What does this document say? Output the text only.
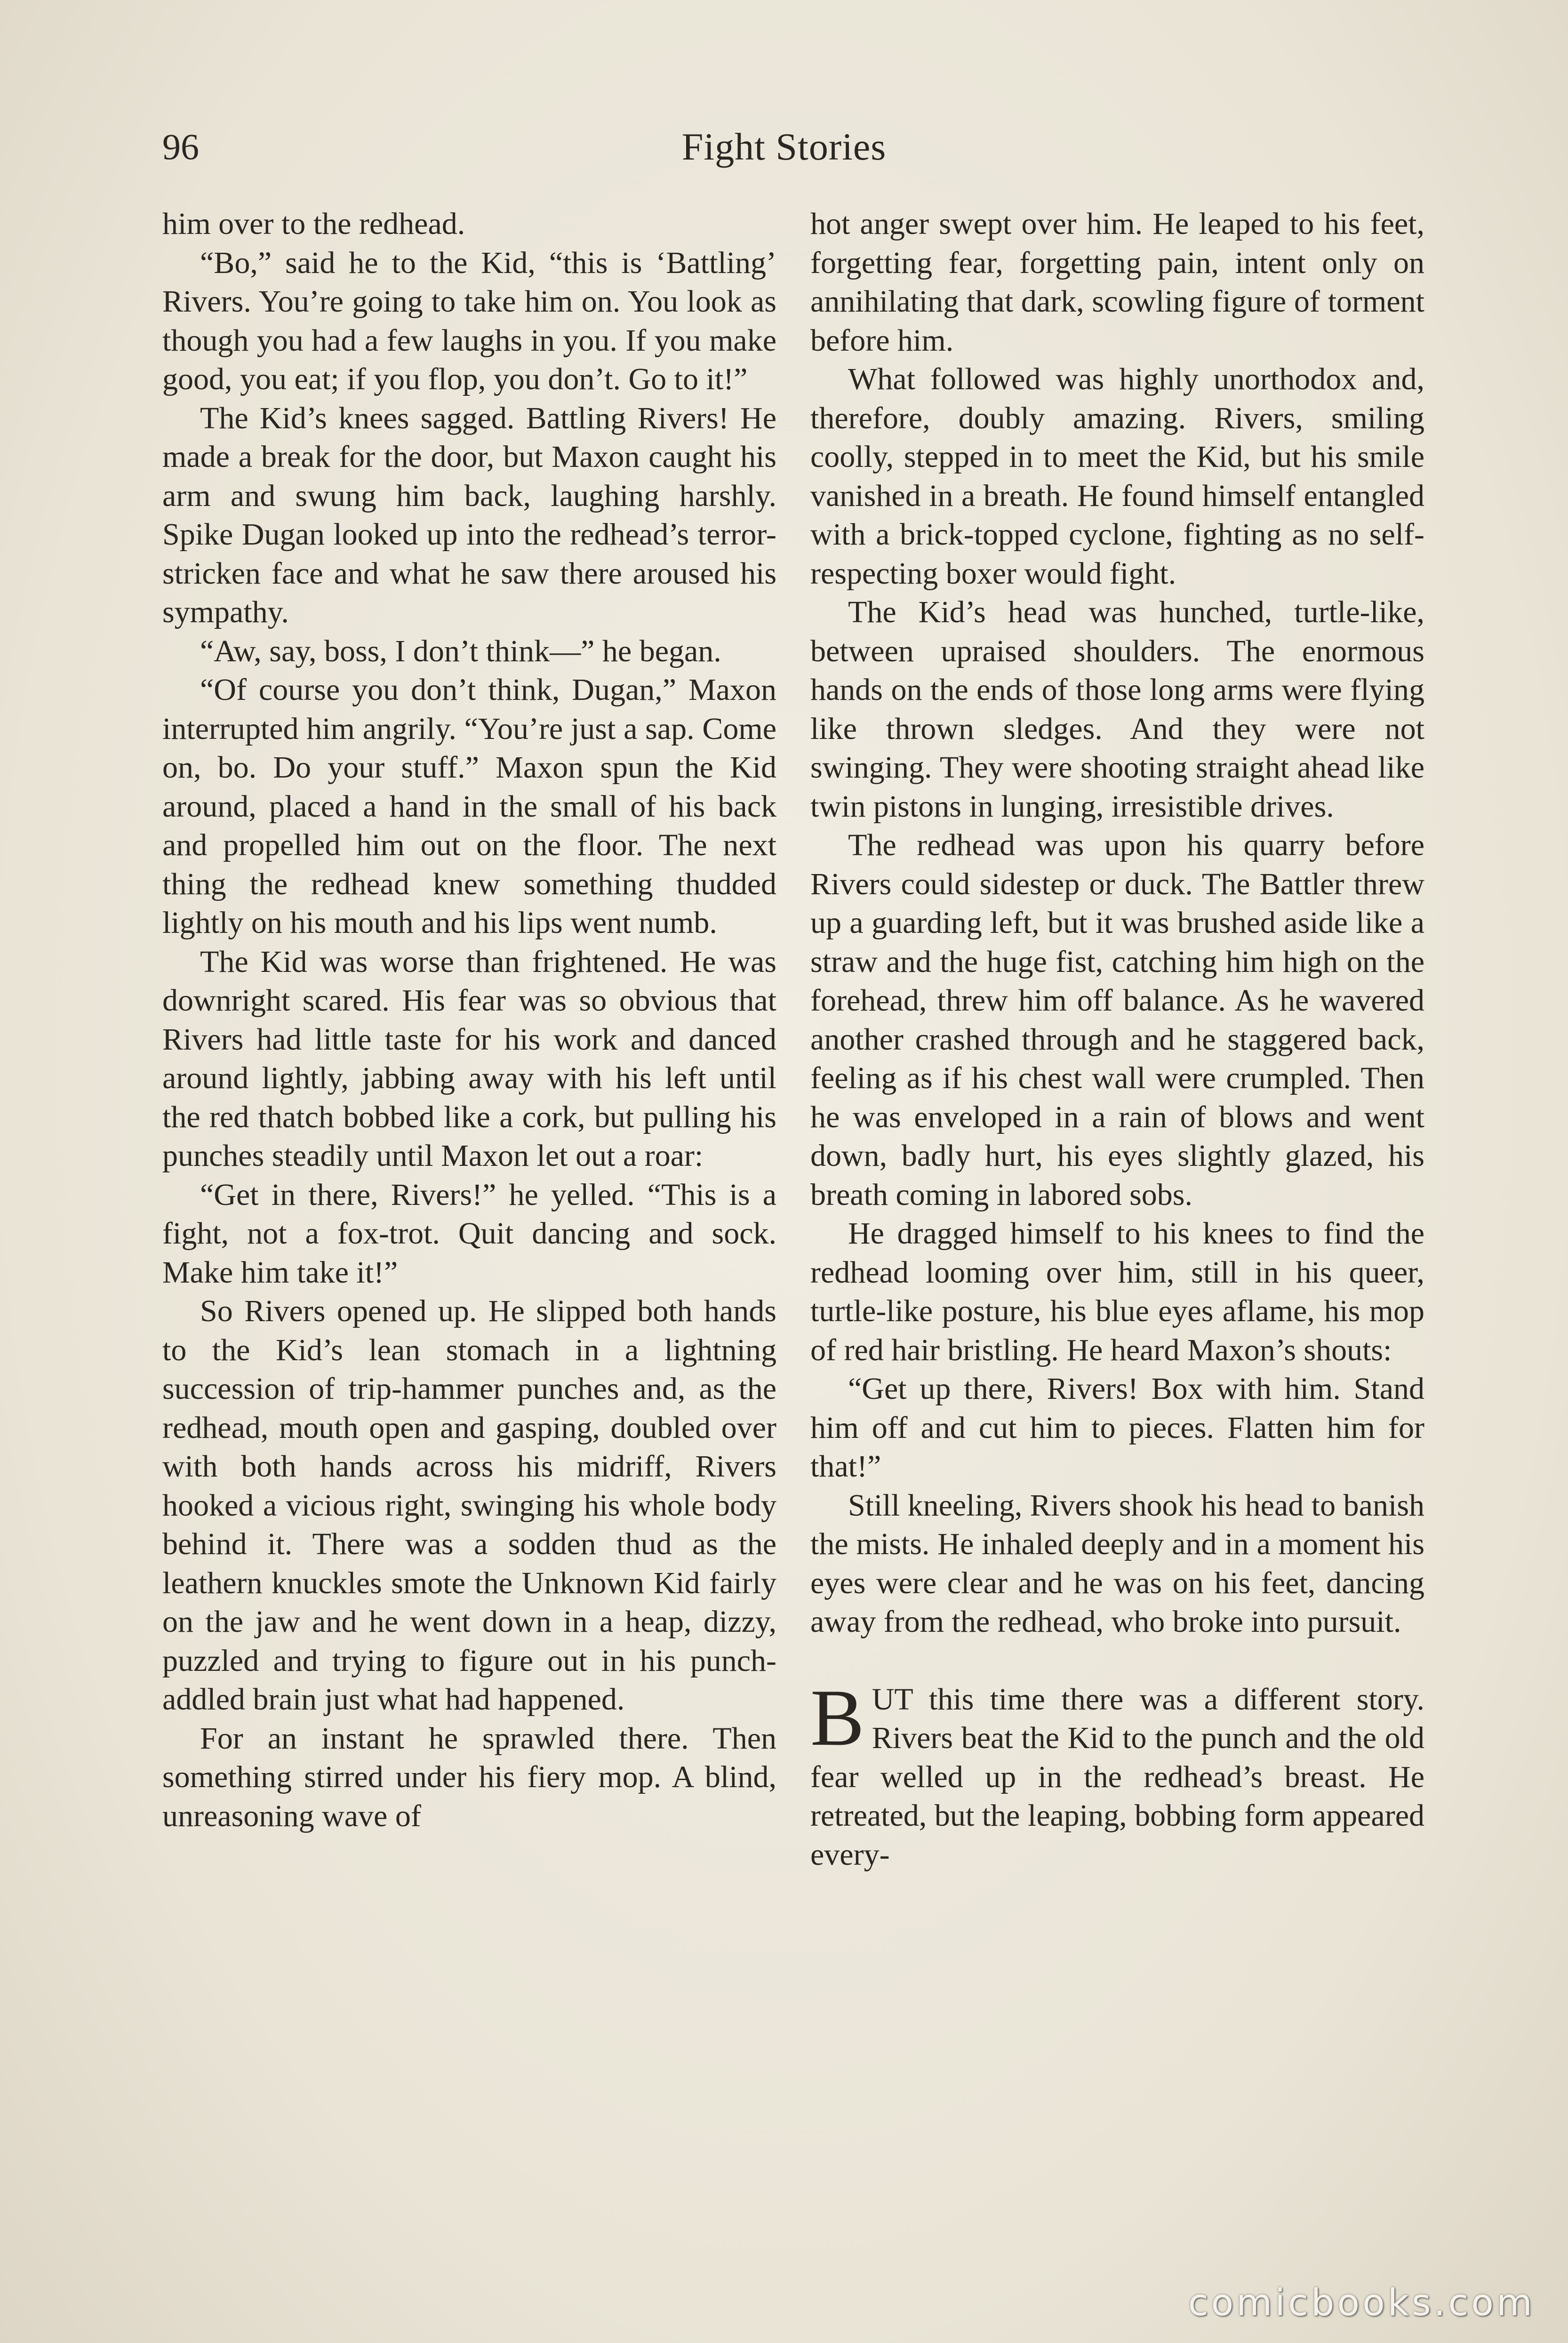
96	Fight Stories

him over to the redhead.

“Bo,” said he to the Kid, “this is ‘Battling’ Rivers. You’re going to take him on. You look as though you had a few laughs in you. If you make good, you eat; if you flop, you don’t. Go to it!”

The Kid’s knees sagged. Battling Rivers! He made a break for the door, but Maxon caught his arm and swung him back, laughing harshly. Spike Dugan looked up into the redhead’s terror-stricken face and what he saw there aroused his sympathy.

“Aw, say, boss, I don’t think—” he began.

“Of course you don’t think, Dugan,” Maxon interrupted him angrily. “You’re just a sap. Come on, bo. Do your stuff.” Maxon spun the Kid around, placed a hand in the small of his back and propelled him out on the floor. The next thing the redhead knew something thudded lightly on his mouth and his lips went numb.

The Kid was worse than frightened. He was downright scared. His fear was so obvious that Rivers had little taste for his work and danced around lightly, jabbing away with his left until the red thatch bobbed like a cork, but pulling his punches steadily until Maxon let out a roar:

“Get in there, Rivers!” he yelled. “This is a fight, not a fox-trot. Quit dancing and sock. Make him take it!”

So Rivers opened up. He slipped both hands to the Kid’s lean stomach in a lightning succession of trip-hammer punches and, as the redhead, mouth open and gasping, doubled over with both hands across his midriff, Rivers hooked a vicious right, swinging his whole body behind it. There was a sodden thud as the leathern knuckles smote the Unknown Kid fairly on the jaw and he went down in a heap, dizzy, puzzled and trying to figure out in his punch-addled brain just what had happened.

For an instant he sprawled there. Then something stirred under his fiery mop. A blind, unreasoning wave of

hot anger swept over him. He leaped to his feet, forgetting fear, forgetting pain, intent only on annihilating that dark, scowling figure of torment before him.

What followed was highly unorthodox and, therefore, doubly amazing. Rivers, smiling coolly, stepped in to meet the Kid, but his smile vanished in a breath. He found himself entangled with a brick-topped cyclone, fighting as no self-respecting boxer would fight.

The Kid’s head was hunched, turtle-like, between upraised shoulders. The enormous hands on the ends of those long arms were flying like thrown sledges. And they were not swinging. They were shooting straight ahead like twin pistons in lunging, irresistible drives.

The redhead was upon his quarry before Rivers could sidestep or duck. The Battler threw up a guarding left, but it was brushed aside like a straw and the huge fist, catching him high on the forehead, threw him off balance. As he wavered another crashed through and he staggered back, feeling as if his chest wall were crumpled. Then he was enveloped in a rain of blows and went down, badly hurt, his eyes slightly glazed, his breath coming in labored sobs.

He dragged himself to his knees to find the redhead looming over him, still in his queer, turtle-like posture, his blue eyes aflame, his mop of red hair bristling. He heard Maxon’s shouts:

“Get up there, Rivers! Box with him. Stand him off and cut him to pieces. Flatten him for that!”

Still kneeling, Rivers shook his head to banish the mists. He inhaled deeply and in a moment his eyes were clear and he was on his feet, dancing away from the redhead, who broke into pursuit.

BUT this time there was a different story. Rivers beat the Kid to the punch and the old fear welled up in the redhead’s breast. He retreated, but the leaping, bobbing form appeared every-

comicbooks.com
